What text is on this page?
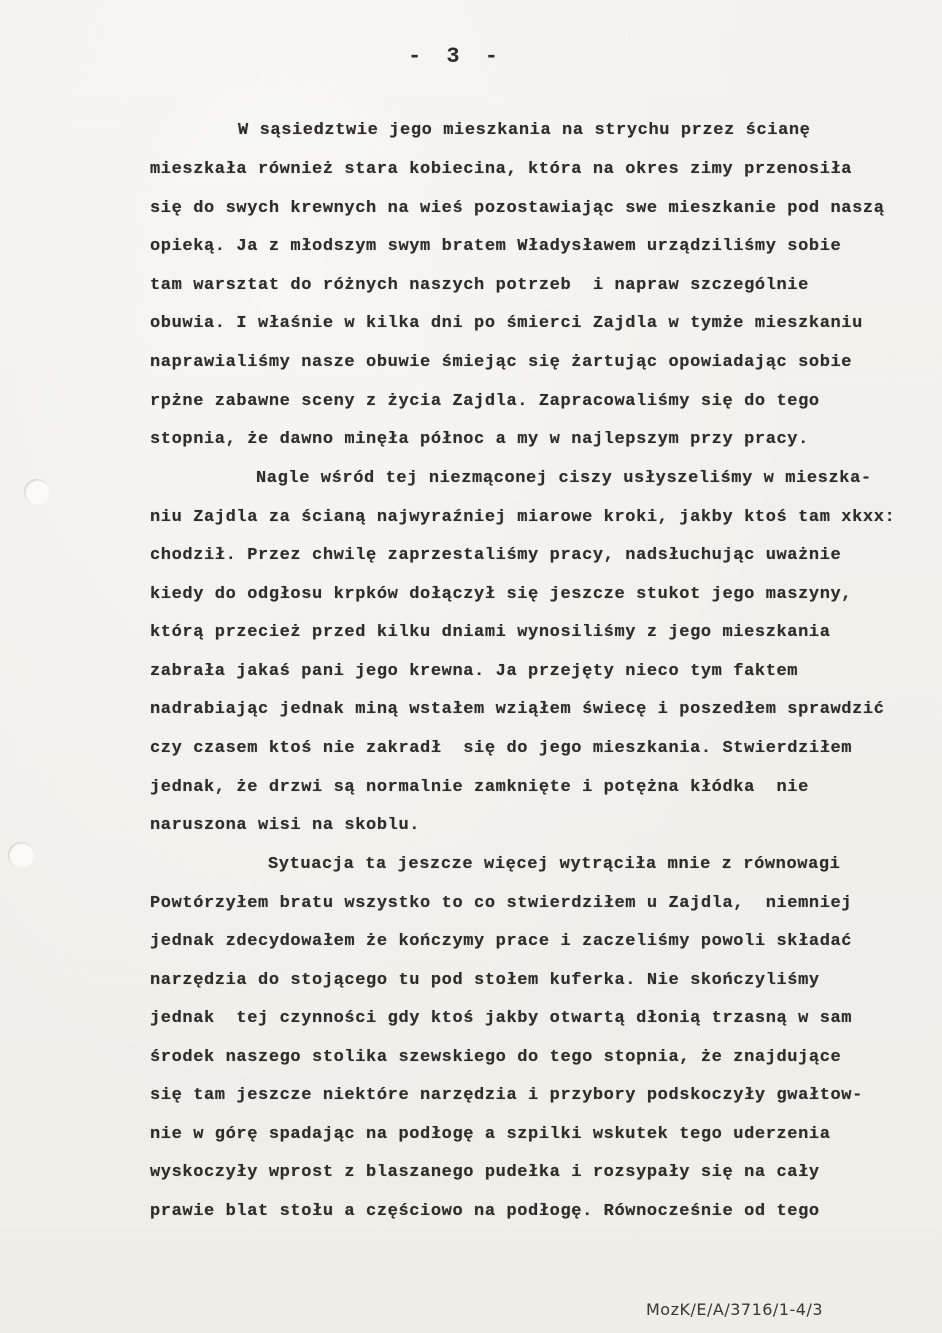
- 3 -
W sąsiedztwie jego mieszkania na strychu przez ścianę
mieszkała również stara kobiecina, która na okres zimy przenosiła
się do swych krewnych na wieś pozostawiając swe mieszkanie pod naszą
opieką. Ja z młodszym swym bratem Władysławem urządziliśmy sobie
tam warsztat do różnych naszych potrzeb  i napraw szczególnie
obuwia. I właśnie w kilka dni po śmierci Zajdla w tymże mieszkaniu
naprawialiśmy nasze obuwie śmiejąc się żartując opowiadając sobie
rpżne zabawne sceny z życia Zajdla. Zapracowaliśmy się do tego
stopnia, że dawno minęła północ a my w najlepszym przy pracy.
Nagle wśród tej niezmąconej ciszy usłyszeliśmy w mieszka-
niu Zajdla za ścianą najwyraźniej miarowe kroki, jakby ktoś tam xkxx:
chodził. Przez chwilę zaprzestaliśmy pracy, nadsłuchując uważnie
kiedy do odgłosu krpków dołączył się jeszcze stukot jego maszyny,
którą przecież przed kilku dniami wynosiliśmy z jego mieszkania
zabrała jakaś pani jego krewna. Ja przejęty nieco tym faktem
nadrabiając jednak miną wstałem wziąłem świecę i poszedłem sprawdzić
czy czasem ktoś nie zakradł  się do jego mieszkania. Stwierdziłem
jednak, że drzwi są normalnie zamknięte i potężna kłódka  nie
naruszona wisi na skoblu.
Sytuacja ta jeszcze więcej wytrąciła mnie z równowagi
Powtórzyłem bratu wszystko to co stwierdziłem u Zajdla,  niemniej
jednak zdecydowałem że kończymy prace i zaczeliśmy powoli składać
narzędzia do stojącego tu pod stołem kuferka. Nie skończyliśmy
jednak  tej czynności gdy ktoś jakby otwartą dłonią trzasną w sam
środek naszego stolika szewskiego do tego stopnia, że znajdujące
się tam jeszcze niektóre narzędzia i przybory podskoczyły gwałtow-
nie w górę spadając na podłogę a szpilki wskutek tego uderzenia
wyskoczyły wprost z blaszanego pudełka i rozsypały się na cały
prawie blat stołu a częściowo na podłogę. Równocześnie od tego
MozK/E/A/3716/1-4/3
